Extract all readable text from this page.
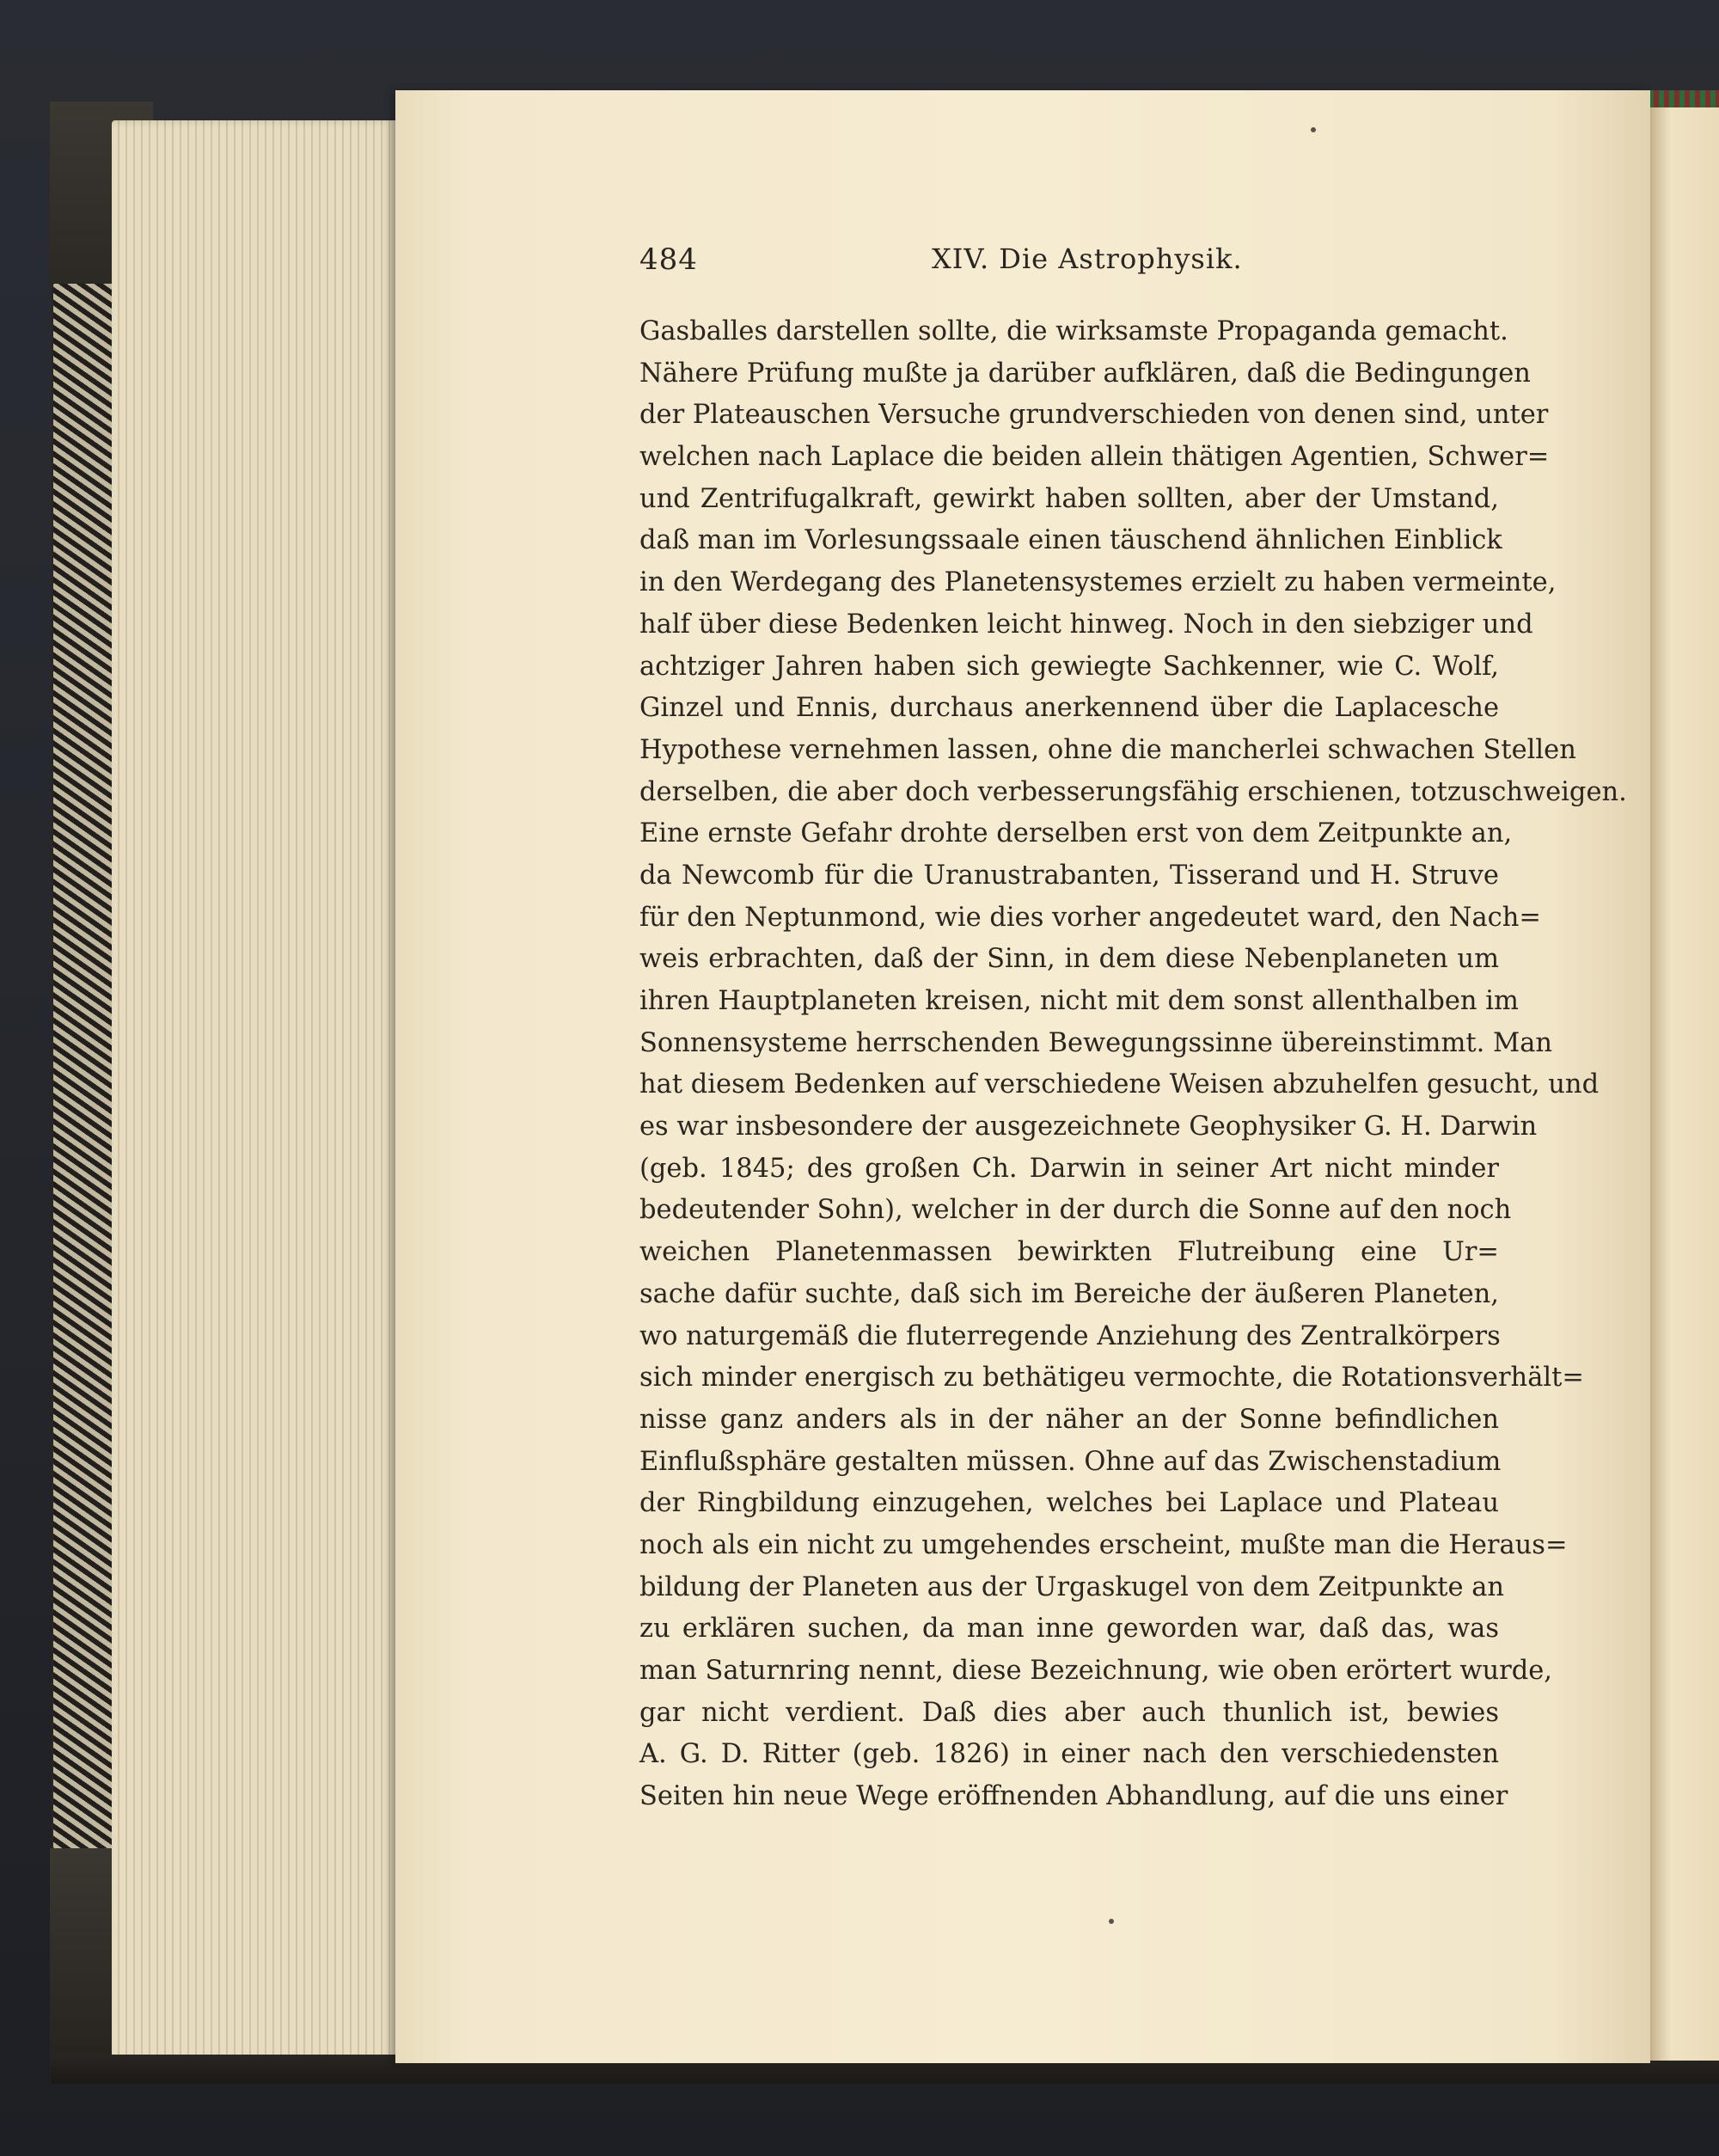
484	XIV. Die Astrophysik.
Gasballes darstellen sollte, die wirksamste Propaganda gemacht.
Nähere Prüfung mußte ja darüber aufklären, daß die Bedingungen
der Plateauschen Versuche grundverschieden von denen sind, unter
welchen nach Laplace die beiden allein thätigen Agentien, Schwer=
und Zentrifugalkraft, gewirkt haben sollten, aber der Umstand,
daß man im Vorlesungssaale einen täuschend ähnlichen Einblick
in den Werdegang des Planetensystemes erzielt zu haben vermeinte,
half über diese Bedenken leicht hinweg. Noch in den siebziger und
achtziger Jahren haben sich gewiegte Sachkenner, wie C. Wolf,
Ginzel und Ennis, durchaus anerkennend über die Laplacesche
Hypothese vernehmen lassen, ohne die mancherlei schwachen Stellen
derselben, die aber doch verbesserungsfähig erschienen, totzuschweigen.
Eine ernste Gefahr drohte derselben erst von dem Zeitpunkte an,
da Newcomb für die Uranustrabanten, Tisserand und H. Struve
für den Neptunmond, wie dies vorher angedeutet ward, den Nach=
weis erbrachten, daß der Sinn, in dem diese Nebenplaneten um
ihren Hauptplaneten kreisen, nicht mit dem sonst allenthalben im
Sonnensysteme herrschenden Bewegungssinne übereinstimmt. Man
hat diesem Bedenken auf verschiedene Weisen abzuhelfen gesucht, und
es war insbesondere der ausgezeichnete Geophysiker G. H. Darwin
(geb. 1845; des großen Ch. Darwin in seiner Art nicht minder
bedeutender Sohn), welcher in der durch die Sonne auf den noch
weichen Planetenmassen bewirkten Flutreibung eine Ur=
sache dafür suchte, daß sich im Bereiche der äußeren Planeten,
wo naturgemäß die fluterregende Anziehung des Zentralkörpers
sich minder energisch zu bethätigeu vermochte, die Rotationsverhält=
nisse ganz anders als in der näher an der Sonne befindlichen
Einflußsphäre gestalten müssen. Ohne auf das Zwischenstadium
der Ringbildung einzugehen, welches bei Laplace und Plateau
noch als ein nicht zu umgehendes erscheint, mußte man die Heraus=
bildung der Planeten aus der Urgaskugel von dem Zeitpunkte an
zu erklären suchen, da man inne geworden war, daß das, was
man Saturnring nennt, diese Bezeichnung, wie oben erörtert wurde,
gar nicht verdient. Daß dies aber auch thunlich ist, bewies
A. G. D. Ritter (geb. 1826) in einer nach den verschiedensten
Seiten hin neue Wege eröffnenden Abhandlung, auf die uns einer
